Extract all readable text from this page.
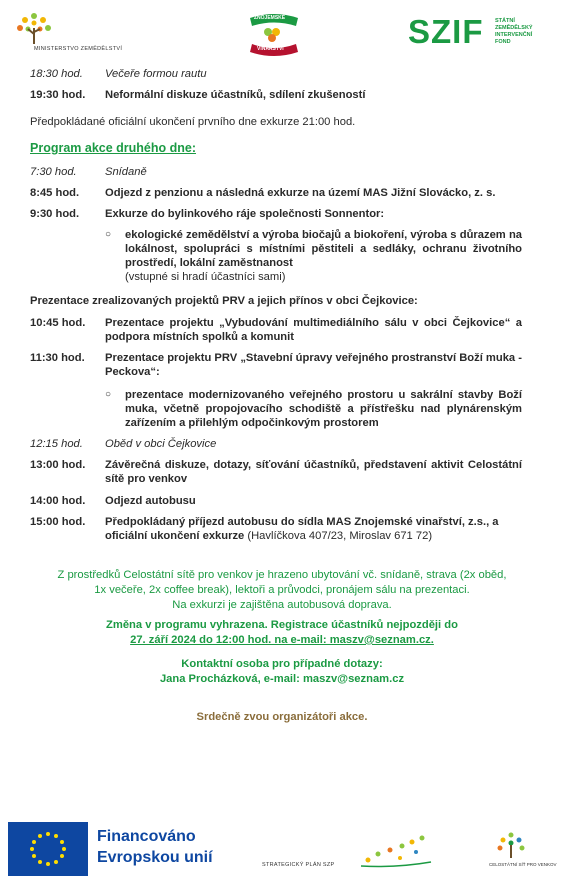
MINISTERSTVO ZEMĚDĚLSTVÍ
ZNOJEMSKÉ
VINAŘSTVÍ	SZIF STÁTNÍ
ZEMĚDĚLSKÝ
INTERVENČNÍ
FOND
18:30 hod.	Večeře formou rautu
19:30 hod.	Neformální diskuze účastníků, sdílení zkušeností
Předpokládané oficiální ukončení prvního dne exkurze 21:00 hod.
Program akce druhého dne:
7:30 hod.	Snídaně
8:45 hod.	Odjezd z penzionu a následná exkurze na území MAS Jižní Slovácko, z. s.
9:30 hod.	Exkurze do bylinkového ráje společnosti Sonnentor:
○ ekologické zemědělství a výroba biočajů a biokoření, výroba s důrazem na lokálnost, spolupráci s místními pěstiteli a sedláky, ochranu životního prostředí, lokální zaměstnanost
(vstupné si hradí účastníci sami)
Prezentace zrealizovaných projektů PRV a jejich přínos v obci Čejkovice:
10:45 hod.	Prezentace projektu „Vybudování multimediálního sálu v obci Čejkovice“ a podpora místních spolků a komunit
11:30 hod.	Prezentace projektu PRV „Stavební úpravy veřejného prostranství Boží muka - Peckova“:
○ prezentace modernizovaného veřejného prostoru u sakrální stavby Boží muka, včetně propojovacího schodiště a přístřešku nad plynárenským zařízením a přilehlým odpočinkovým prostorem
12:15 hod.	Oběd v obci Čejkovice
13:00 hod.	Závěrečná diskuze, dotazy, síťování účastníků, představení aktivit Celostátní sítě pro venkov
14:00 hod.	Odjezd autobusu
15:00 hod.	Předpokládaný příjezd autobusu do sídla MAS Znojemské vinařství, z.s., a oficiální ukončení exkurze (Havlíčkova 407/23, Miroslav 671 72)
Z prostředků Celostátní sítě pro venkov je hrazeno ubytování vč. snídaně, strava (2x oběd,
1x večeře, 2x coffee break), lektoři a průvodci, pronájem sálu na prezentaci.
Na exkurzi je zajištěna autobusová doprava.
Změna v programu vyhrazena. Registrace účastníků nejpozději do
27. září 2024 do 12:00 hod. na e-mail: maszv@seznam.cz.
Kontaktní osoba pro případné dotazy:
Jana Procházková, e-mail: maszv@seznam.cz
Srdečně zvou organizátoři akce.
Financováno
Evropskou unií	STRATEGICKÝ PLÁN SZP	CELOSTÁTNÍ SÍŤ PRO VENKOV
